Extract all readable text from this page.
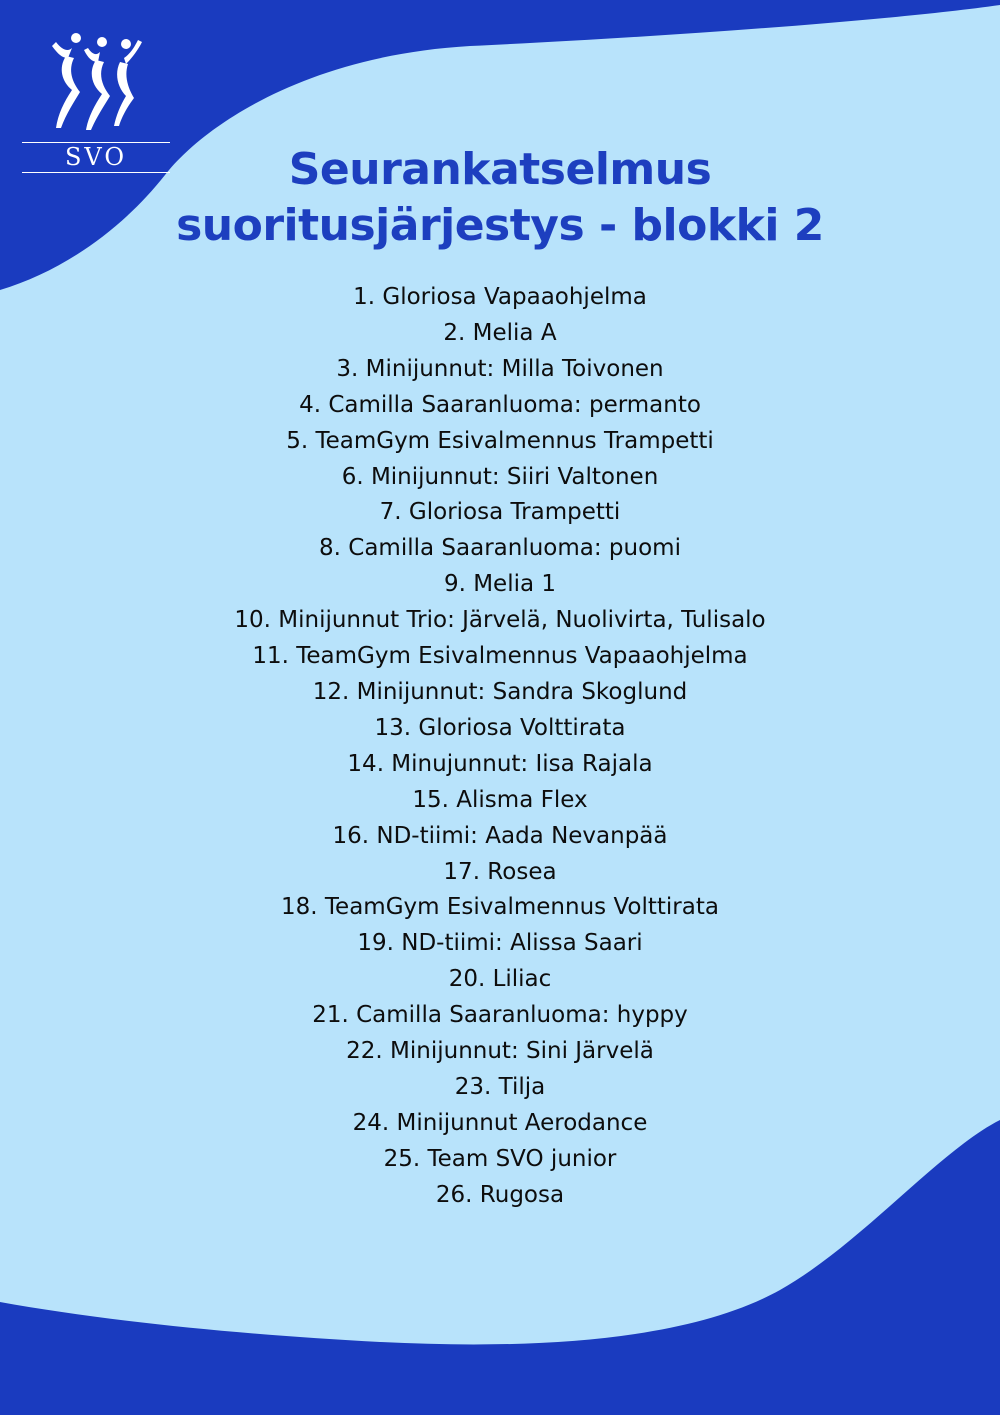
SVO	Seurankatselmus
suoritusjärjestys - blokki 2
1. Gloriosa Vapaaohjelma
2. Melia A
3. Minijunnut: Milla Toivonen
4. Camilla Saaranluoma: permanto
5. TeamGym Esivalmennus Trampetti
6. Minijunnut: Siiri Valtonen
7. Gloriosa Trampetti
8. Camilla Saaranluoma: puomi
9. Melia 1
10. Minijunnut Trio: Järvelä, Nuolivirta, Tulisalo
11. TeamGym Esivalmennus Vapaaohjelma
12. Minijunnut: Sandra Skoglund
13. Gloriosa Volttirata
14. Minujunnut: Iisa Rajala
15. Alisma Flex
16. ND-tiimi: Aada Nevanpää
17. Rosea
18. TeamGym Esivalmennus Volttirata
19. ND-tiimi: Alissa Saari
20. Liliac
21. Camilla Saaranluoma: hyppy
22. Minijunnut: Sini Järvelä
23. Tilja
24. Minijunnut Aerodance
25. Team SVO junior
26. Rugosa
